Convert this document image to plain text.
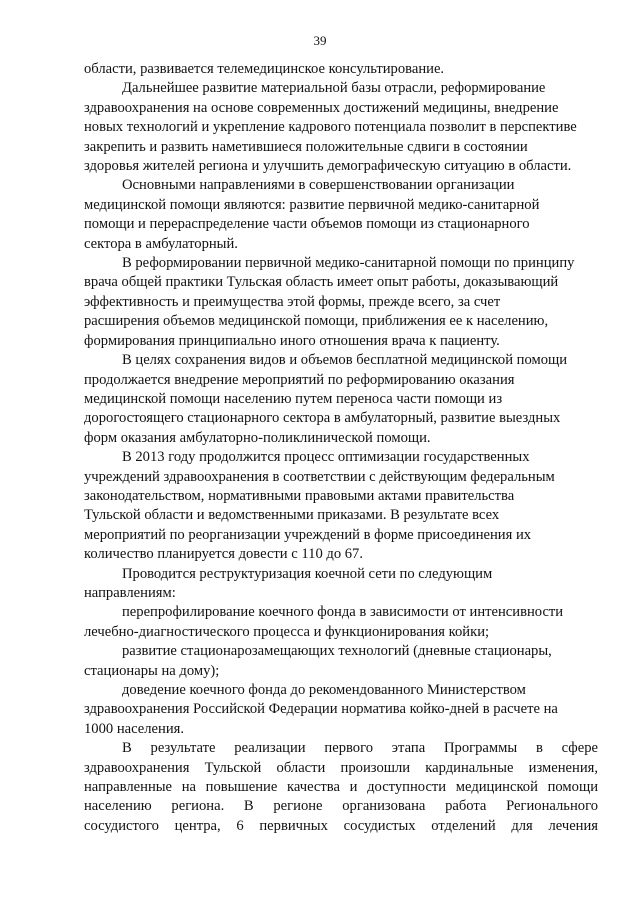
39

области, развивается телемедицинское консультирование.

Дальнейшее развитие материальной базы отрасли, реформирование
здравоохранения на основе современных достижений медицины, внедрение
новых технологий и укрепление кадрового потенциала позволит в перспективе
закрепить и развить наметившиеся положительные сдвиги в состоянии
здоровья жителей региона и улучшить демографическую ситуацию в области.

Основными направлениями в совершенствовании организации
медицинской помощи являются: развитие первичной медико-санитарной
помощи и перераспределение части объемов помощи из стационарного
сектора в амбулаторный.

В реформировании первичной медико-санитарной помощи по принципу
врача общей практики Тульская область имеет опыт работы, доказывающий
эффективность и преимущества этой формы, прежде всего, за счет
расширения объемов медицинской помощи, приближения ее к населению,
формирования принципиально иного отношения врача к пациенту.

В целях сохранения видов и объемов бесплатной медицинской помощи
продолжается внедрение мероприятий по реформированию оказания
медицинской помощи населению путем переноса части помощи из
дорогостоящего стационарного сектора в амбулаторный, развитие выездных
форм оказания амбулаторно-поликлинической помощи.

В 2013 году продолжится процесс оптимизации государственных
учреждений здравоохранения в соответствии с действующим федеральным
законодательством, нормативными правовыми актами правительства
Тульской области и ведомственными приказами. В результате всех
мероприятий по реорганизации учреждений в форме присоединения их
количество планируется довести с 110 до 67.

Проводится реструктуризация коечной сети по следующим
направлениям:

перепрофилирование коечного фонда в зависимости от интенсивности
лечебно-диагностического процесса и функционирования койки;

развитие стационарозамещающих технологий (дневные стационары,
стационары на дому);

доведение коечного фонда до рекомендованного Министерством
здравоохранения Российской Федерации норматива койко-дней в расчете на
1000 населения.

В результате реализации первого этапа Программы в сфере
здравоохранения Тульской области произошли кардинальные изменения,
направленные на повышение качества и доступности медицинской помощи
населению региона. В регионе организована работа Регионального
сосудистого центра, 6 первичных сосудистых отделений для лечения
